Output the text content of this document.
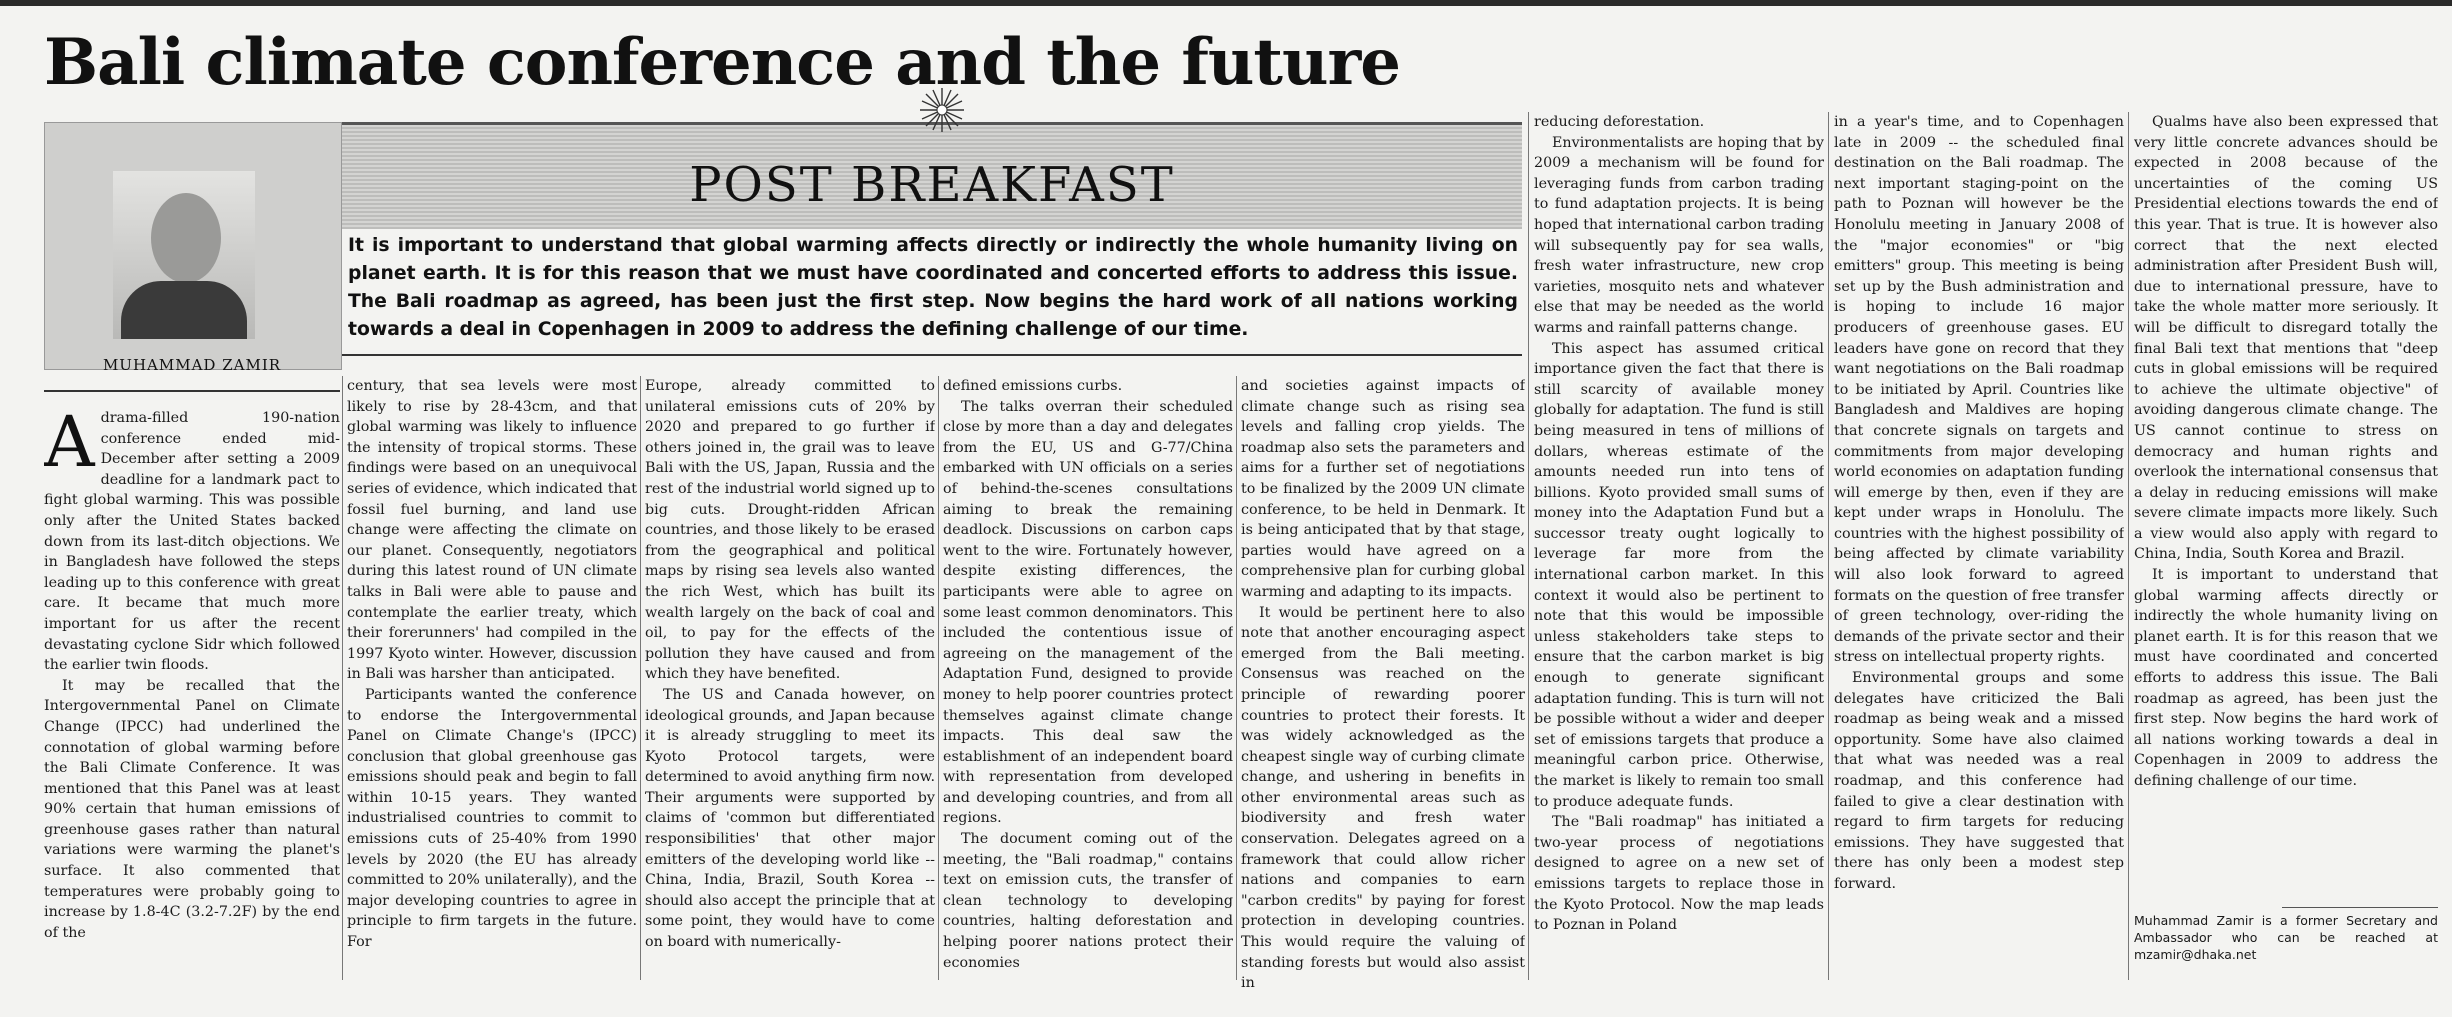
Bali climate conference and the future
MUHAMMAD ZAMIR
POST BREAKFAST
It is important to understand that global warming affects directly or indirectly the whole humanity living on planet earth. It is for this reason that we must have coordinated and concerted efforts to address this issue. The Bali roadmap as agreed, has been just the first step. Now begins the hard work of all nations working towards a deal in Copenhagen in 2009 to address the defining challenge of our time.

Adrama-filled 190-nation conference ended mid-December after setting a 2009 deadline for a landmark pact to fight global warming. This was possible only after the United States backed down from its last-ditch objections. We in Bangladesh have followed the steps leading up to this conference with great care. It became that much more important for us after the recent devastating cyclone Sidr which followed the earlier twin floods.

It may be recalled that the Intergovernmental Panel on Climate Change (IPCC) had underlined the connotation of global warming before the Bali Climate Conference. It was mentioned that this Panel was at least 90% certain that human emissions of greenhouse gases rather than natural variations were warming the planet's surface. It also commented that temperatures were probably going to increase by 1.8-4C (3.2-7.2F) by the end of the

century, that sea levels were most likely to rise by 28-43cm, and that global warming was likely to influence the intensity of tropical storms. These findings were based on an unequivocal series of evidence, which indicated that fossil fuel burning, and land use change were affecting the climate on our planet. Consequently, negotiators during this latest round of UN climate talks in Bali were able to pause and contemplate the earlier treaty, which their forerunners' had compiled in the 1997 Kyoto winter. However, discussion in Bali was harsher than anticipated.

Participants wanted the conference to endorse the Intergovernmental Panel on Climate Change's (IPCC) conclusion that global greenhouse gas emissions should peak and begin to fall within 10-15 years. They wanted industrialised countries to commit to emissions cuts of 25-40% from 1990 levels by 2020 (the EU has already committed to 20% unilaterally), and the major developing countries to agree in principle to firm targets in the future. For

Europe, already committed to unilateral emissions cuts of 20% by 2020 and prepared to go further if others joined in, the grail was to leave Bali with the US, Japan, Russia and the rest of the industrial world signed up to big cuts. Drought-ridden African countries, and those likely to be erased from the geographical and political maps by rising sea levels also wanted the rich West, which has built its wealth largely on the back of coal and oil, to pay for the effects of the pollution they have caused and from which they have benefited.

The US and Canada however, on ideological grounds, and Japan because it is already struggling to meet its Kyoto Protocol targets, were determined to avoid anything firm now. Their arguments were supported by claims of 'common but differentiated responsibilities' that other major emitters of the developing world like -- China, India, Brazil, South Korea -- should also accept the principle that at some point, they would have to come on board with numerically-

defined emissions curbs.

The talks overran their scheduled close by more than a day and delegates from the EU, US and G-77/China embarked with UN officials on a series of behind-the-scenes consultations aiming to break the remaining deadlock. Discussions on carbon caps went to the wire. Fortunately however, despite existing differences, the participants were able to agree on some least common denominators. This included the contentious issue of agreeing on the management of the Adaptation Fund, designed to provide money to help poorer countries protect themselves against climate change impacts. This deal saw the establishment of an independent board with representation from developed and developing countries, and from all regions.

The document coming out of the meeting, the "Bali roadmap," contains text on emission cuts, the transfer of clean technology to developing countries, halting deforestation and helping poorer nations protect their economies

and societies against impacts of climate change such as rising sea levels and falling crop yields. The roadmap also sets the parameters and aims for a further set of negotiations to be finalized by the 2009 UN climate conference, to be held in Denmark. It is being anticipated that by that stage, parties would have agreed on a comprehensive plan for curbing global warming and adapting to its impacts.

It would be pertinent here to also note that another encouraging aspect emerged from the Bali meeting. Consensus was reached on the principle of rewarding poorer countries to protect their forests. It was widely acknowledged as the cheapest single way of curbing climate change, and ushering in benefits in other environmental areas such as biodiversity and fresh water conservation. Delegates agreed on a framework that could allow richer nations and companies to earn "carbon credits" by paying for forest protection in developing countries. This would require the valuing of standing forests but would also assist in

reducing deforestation.

Environmentalists are hoping that by 2009 a mechanism will be found for leveraging funds from carbon trading to fund adaptation projects. It is being hoped that international carbon trading will subsequently pay for sea walls, fresh water infrastructure, new crop varieties, mosquito nets and whatever else that may be needed as the world warms and rainfall patterns change.

This aspect has assumed critical importance given the fact that there is still scarcity of available money globally for adaptation. The fund is still being measured in tens of millions of dollars, whereas estimate of the amounts needed run into tens of billions. Kyoto provided small sums of money into the Adaptation Fund but a successor treaty ought logically to leverage far more from the international carbon market. In this context it would also be pertinent to note that this would be impossible unless stakeholders take steps to ensure that the carbon market is big enough to generate significant adaptation funding. This is turn will not be possible without a wider and deeper set of emissions targets that produce a meaningful carbon price. Otherwise, the market is likely to remain too small to produce adequate funds.

The "Bali roadmap" has initiated a two-year process of negotiations designed to agree on a new set of emissions targets to replace those in the Kyoto Protocol. Now the map leads to Poznan in Poland

in a year's time, and to Copenhagen late in 2009 -- the scheduled final destination on the Bali roadmap. The next important staging-point on the path to Poznan will however be the Honolulu meeting in January 2008 of the "major economies" or "big emitters" group. This meeting is being set up by the Bush administration and is hoping to include 16 major producers of greenhouse gases. EU leaders have gone on record that they want negotiations on the Bali roadmap to be initiated by April. Countries like Bangladesh and Maldives are hoping that concrete signals on targets and commitments from major developing world economies on adaptation funding will emerge by then, even if they are kept under wraps in Honolulu. The countries with the highest possibility of being affected by climate variability will also look forward to agreed formats on the question of free transfer of green technology, over-riding the demands of the private sector and their stress on intellectual property rights.

Environmental groups and some delegates have criticized the Bali roadmap as being weak and a missed opportunity. Some have also claimed that what was needed was a real roadmap, and this conference had failed to give a clear destination with regard to firm targets for reducing emissions. They have suggested that there has only been a modest step forward.

Qualms have also been expressed that very little concrete advances should be expected in 2008 because of the uncertainties of the coming US Presidential elections towards the end of this year. That is true. It is however also correct that the next elected administration after President Bush will, due to international pressure, have to take the whole matter more seriously. It will be difficult to disregard totally the final Bali text that mentions that "deep cuts in global emissions will be required to achieve the ultimate objective" of avoiding dangerous climate change. The US cannot continue to stress on democracy and human rights and overlook the international consensus that a delay in reducing emissions will make severe climate impacts more likely. Such a view would also apply with regard to China, India, South Korea and Brazil.

It is important to understand that global warming affects directly or indirectly the whole humanity living on planet earth. It is for this reason that we must have coordinated and concerted efforts to address this issue. The Bali roadmap as agreed, has been just the first step. Now begins the hard work of all nations working towards a deal in Copenhagen in 2009 to address the defining challenge of our time.

Muhammad Zamir is a former Secretary and Ambassador who can be reached at mzamir@dhaka.net
